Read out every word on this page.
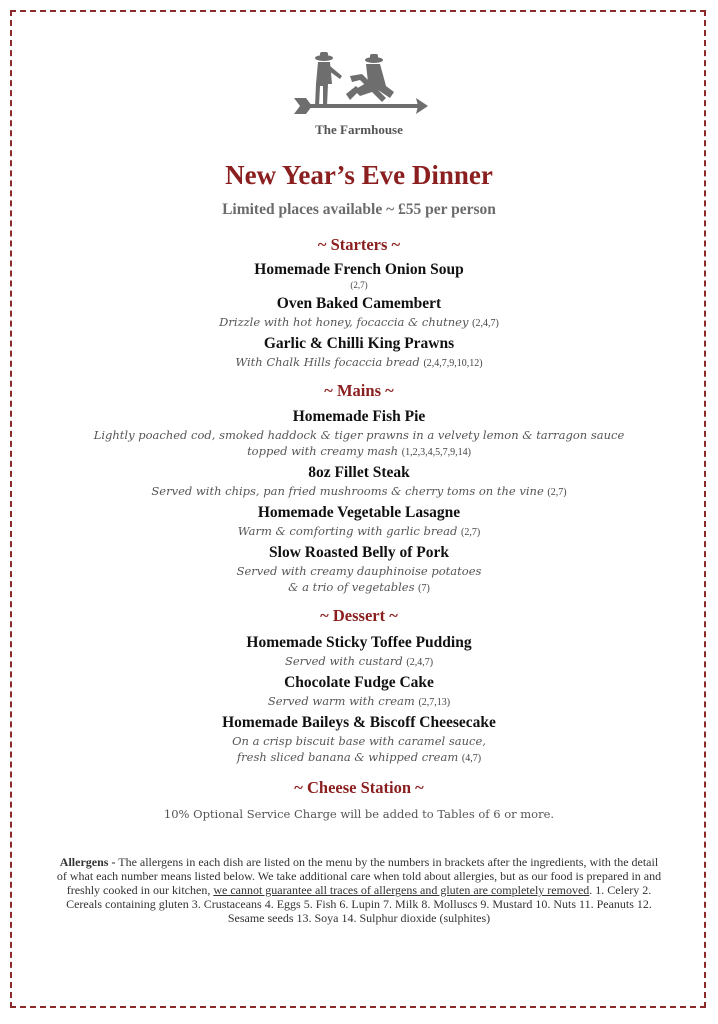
The Farmhouse
New Year’s Eve Dinner
Limited places available ~ £55 per person
~ Starters ~
Homemade French Onion Soup
(2,7)
Oven Baked Camembert
Drizzle with hot honey, focaccia & chutney (2,4,7)
Garlic & Chilli King Prawns
With Chalk Hills focaccia bread (2,4,7,9,10,12)
~ Mains ~
Homemade Fish Pie
Lightly poached cod, smoked haddock & tiger prawns in a velvety lemon & tarragon sauce
topped with creamy mash (1,2,3,4,5,7,9,14)
8oz Fillet Steak
Served with chips, pan fried mushrooms & cherry toms on the vine (2,7)
Homemade Vegetable Lasagne
Warm & comforting with garlic bread (2,7)
Slow Roasted Belly of Pork
Served with creamy dauphinoise potatoes
& a trio of vegetables (7)
~ Dessert ~
Homemade Sticky Toffee Pudding
Served with custard (2,4,7)
Chocolate Fudge Cake
Served warm with cream (2,7,13)
Homemade Baileys & Biscoff Cheesecake
On a crisp biscuit base with caramel sauce,
fresh sliced banana & whipped cream (4,7)
~ Cheese Station ~
10% Optional Service Charge will be added to Tables of 6 or more.
Allergens - The allergens in each dish are listed on the menu by the numbers in brackets after the ingredients, with the detail of what each number means listed below. We take additional care when told about allergies, but as our food is prepared in and freshly cooked in our kitchen, we cannot guarantee all traces of allergens and gluten are completely removed. 1. Celery 2. Cereals containing gluten 3. Crustaceans 4. Eggs 5. Fish 6. Lupin 7. Milk 8. Molluscs 9. Mustard 10. Nuts 11. Peanuts 12. Sesame seeds 13. Soya 14. Sulphur dioxide (sulphites)
